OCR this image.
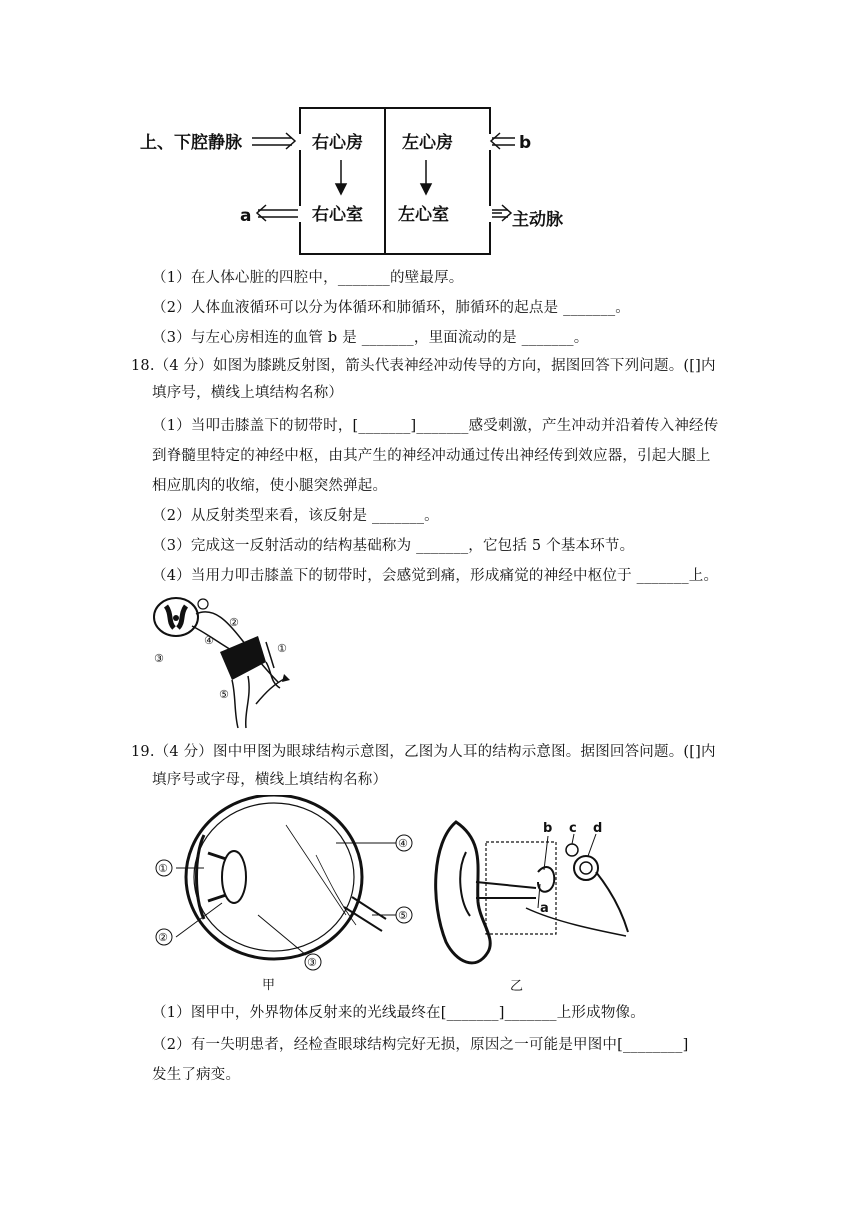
上、下腔静脉	右心房 左心房
右心室 左心室
b
a	主动脉
（1）在人体心脏的四腔中，_______的壁最厚。
（2）人体血液循环可以分为体循环和肺循环，肺循环的起点是 _______。
（3）与左心房相连的血管 b 是 _______，里面流动的是 _______。
18.（4 分）如图为膝跳反射图，箭头代表神经冲动传导的方向，据图回答下列问题。([]内
填序号，横线上填结构名称）
（1）当叩击膝盖下的韧带时，[_______]_______感受刺激，产生冲动并沿着传入神经传
到脊髓里特定的神经中枢，由其产生的神经冲动通过传出神经传到效应器，引起大腿上
相应肌肉的收缩，使小腿突然弹起。
（2）从反射类型来看，该反射是 _______。
（3）完成这一反射活动的结构基础称为 _______，它包括 5 个基本环节。
（4）当用力叩击膝盖下的韧带时，会感觉到痛，形成痛觉的神经中枢位于 _______上。
①
②
③
④
⑤
19.（4 分）图中甲图为眼球结构示意图，乙图为人耳的结构示意图。据图回答问题。([]内
填序号或字母，横线上填结构名称）
①
②
③
④
⑤
甲
a
b c d
乙
（1）图甲中，外界物体反射来的光线最终在[_______]_______上形成物像。
（2）有一失明患者，经检查眼球结构完好无损，原因之一可能是甲图中[________]
发生了病变。
